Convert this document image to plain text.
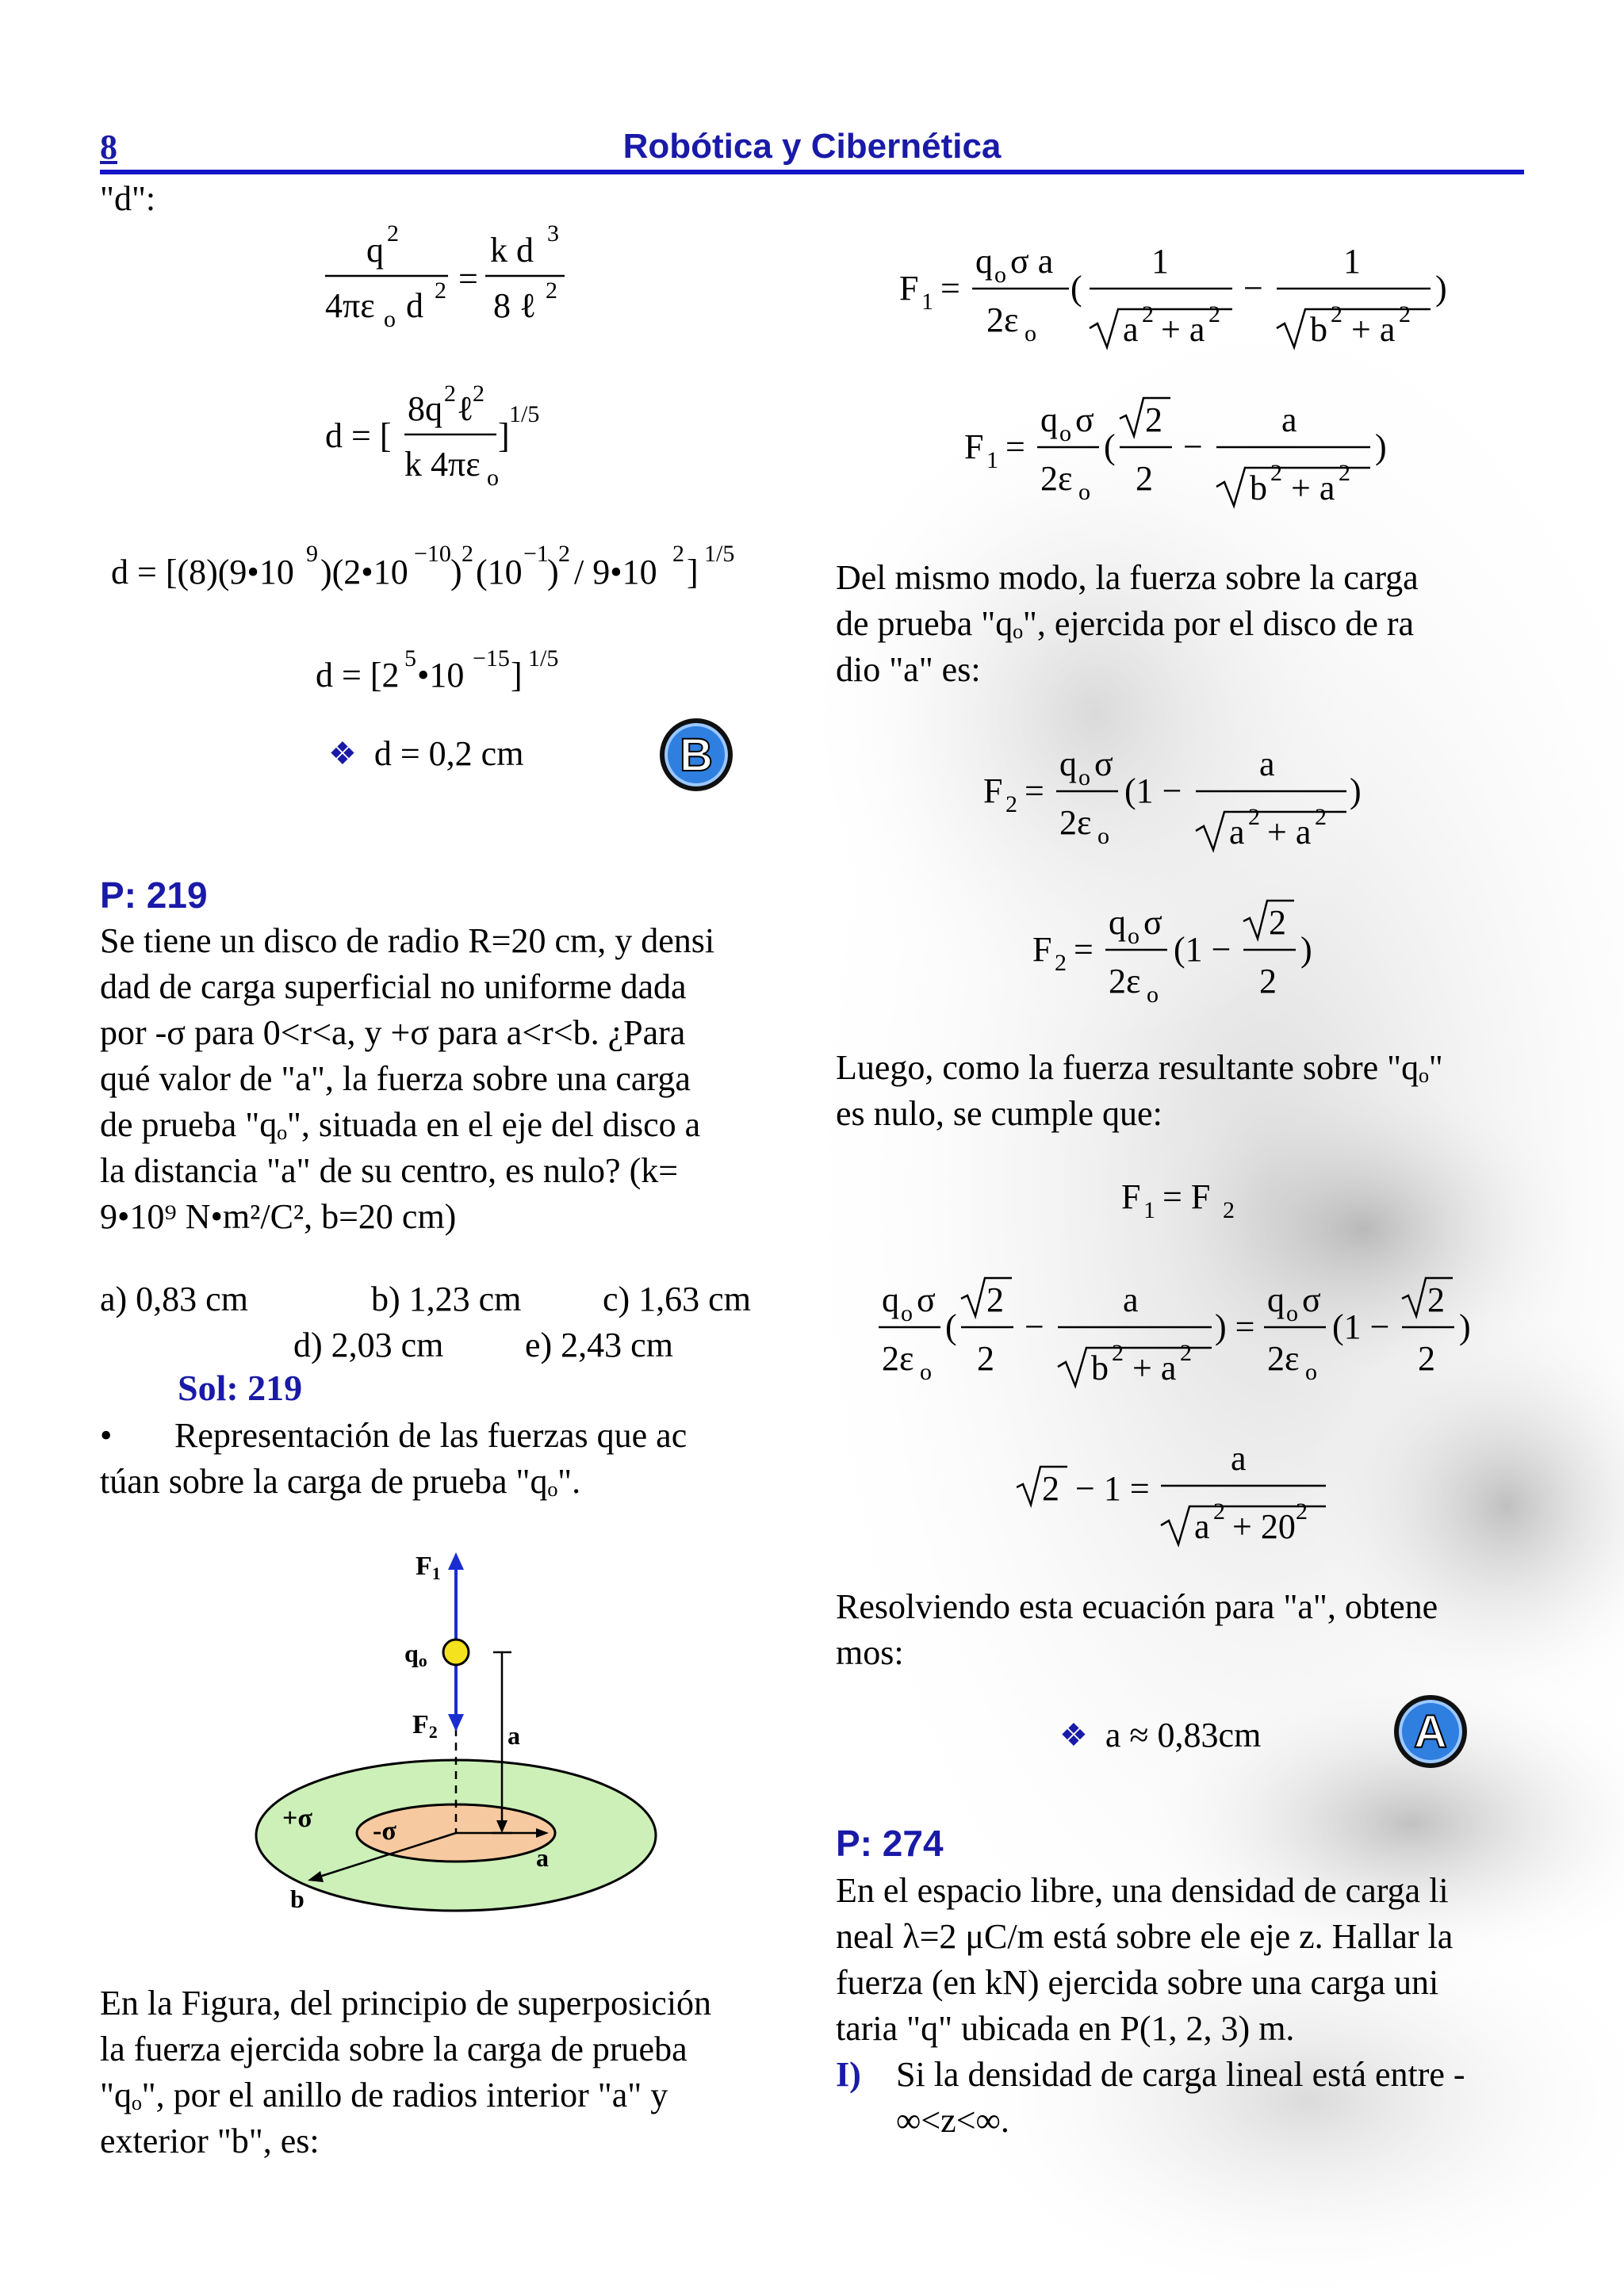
8	Robótica y Cibernética
"d":
q 2
4πε o d 2 =
k d 3
8 ℓ 2
d = [
8q 2 ℓ
2
k 4πε o
]
1/5
d = [(8)(9•10 9 )(2•10 −10 ) 2 (10 −1
) 2 / 9•10 2 ] 1/5
d = [2 5 •10 −15 ] 1/5
❖ d = 0,2 cm	B
P: 219
Se tiene un disco de radio R=20 cm, y densi
dad de carga superficial no uniforme dada
por -σ para 0<r<a, y +σ para a<r<b. ¿Para
qué valor de "a", la fuerza sobre una carga
de prueba "qₒ", situada en el eje del disco a
la distancia "a" de su centro, es nulo? (k=
9•10⁹ N•m²/C², b=20 cm)
a) 0,83 cm	b) 1,23 cm c) 1,63 cm
d) 2,03 cm e) 2,43 cm
Sol: 219
• Representación de las fuerzas que ac
túan sobre la carga de prueba "qₒ".
F1
qo
F2	a
+σ -σ
a
b
En la Figura, del principio de superposición
la fuerza ejercida sobre la carga de prueba
"qₒ", por el anillo de radios interior "a" y
exterior "b", es:
F 1 =
q o σ a
2ε o
(
1
a 2 + a 2
−
1
b 2 + a 2
)
F 1 =
q o σ
2ε o
(
2
2
−
a
b 2 + a 2
)
Del mismo modo, la fuerza sobre la carga
de prueba "qₒ", ejercida por el disco de ra
dio "a" es:
F 2 =
q o σ
2ε o
(1 −
a
a 2 + a 2
)
F 2 =
q o σ
2ε o
(1 −
2
2
)
Luego, como la fuerza resultante sobre "qₒ"
es nulo, se cumple que:
F 1 = F 2
q o σ
2ε o
(
2
2
−
a
b 2 + a 2
) =
q o σ
2ε o
(1 −
2
2
)
2 − 1 =
a
a 2 + 20 2
Resolviendo esta ecuación para "a", obtene
mos:
❖ a ≈ 0,83cm	A
P: 274
En el espacio libre, una densidad de carga li
neal λ=2 μC/m está sobre ele eje z. Hallar la
fuerza (en kN) ejercida sobre una carga uni
taria "q" ubicada en P(1, 2, 3) m.
I) Si la densidad de carga lineal está entre -
∞<z<∞.
